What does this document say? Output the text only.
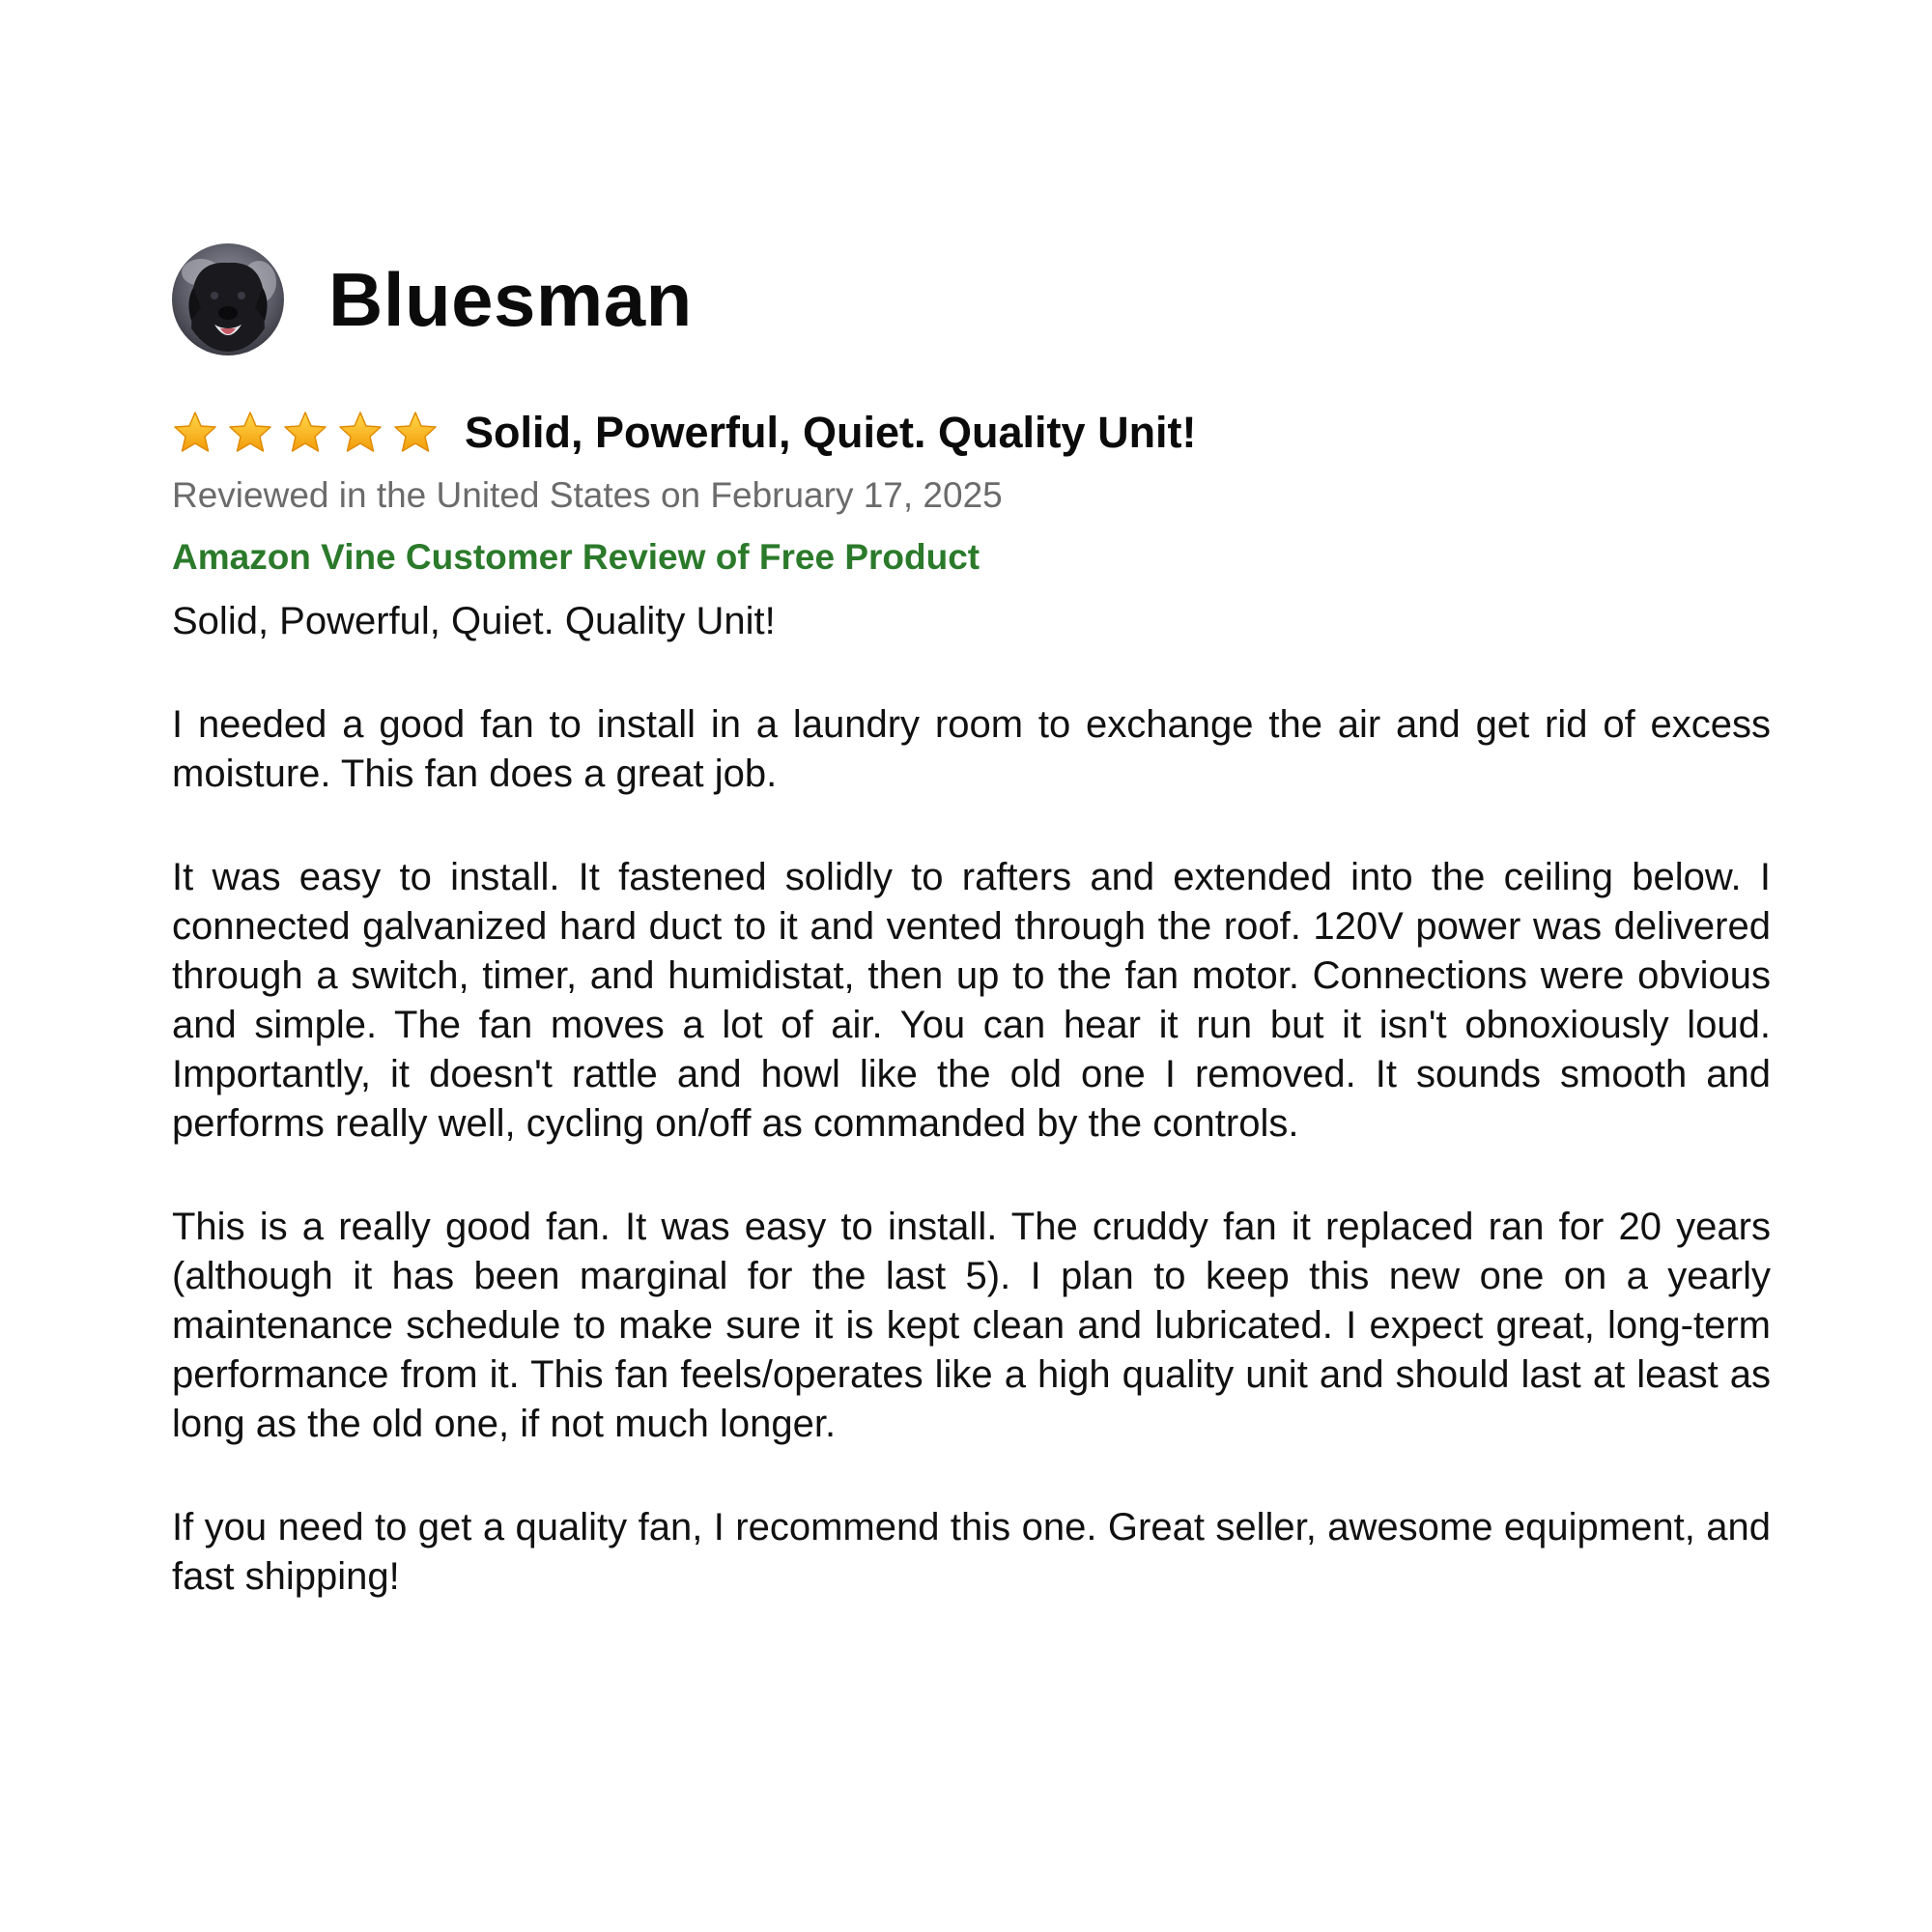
Bluesman
Solid, Powerful, Quiet. Quality Unit!
Reviewed in the United States on February 17, 2025
Amazon Vine Customer Review of Free Product

Solid, Powerful, Quiet. Quality Unit!

I needed a good fan to install in a laundry room to exchange the air and get rid of excess moisture. This fan does a great job.

It was easy to install. It fastened solidly to rafters and extended into the ceiling below. I connected galvanized hard duct to it and vented through the roof. 120V power was delivered through a switch, timer, and humidistat, then up to the fan motor. Connections were obvious and simple. The fan moves a lot of air. You can hear it run but it isn't obnoxiously loud. Importantly, it doesn't rattle and howl like the old one I removed. It sounds smooth and performs really well, cycling on/off as commanded by the controls.

This is a really good fan. It was easy to install. The cruddy fan it replaced ran for 20 years (although it has been marginal for the last 5). I plan to keep this new one on a yearly maintenance schedule to make sure it is kept clean and lubricated. I expect great, long-term performance from it. This fan feels/operates like a high quality unit and should last at least as long as the old one, if not much longer.

If you need to get a quality fan, I recommend this one. Great seller, awesome equipment, and fast shipping!
